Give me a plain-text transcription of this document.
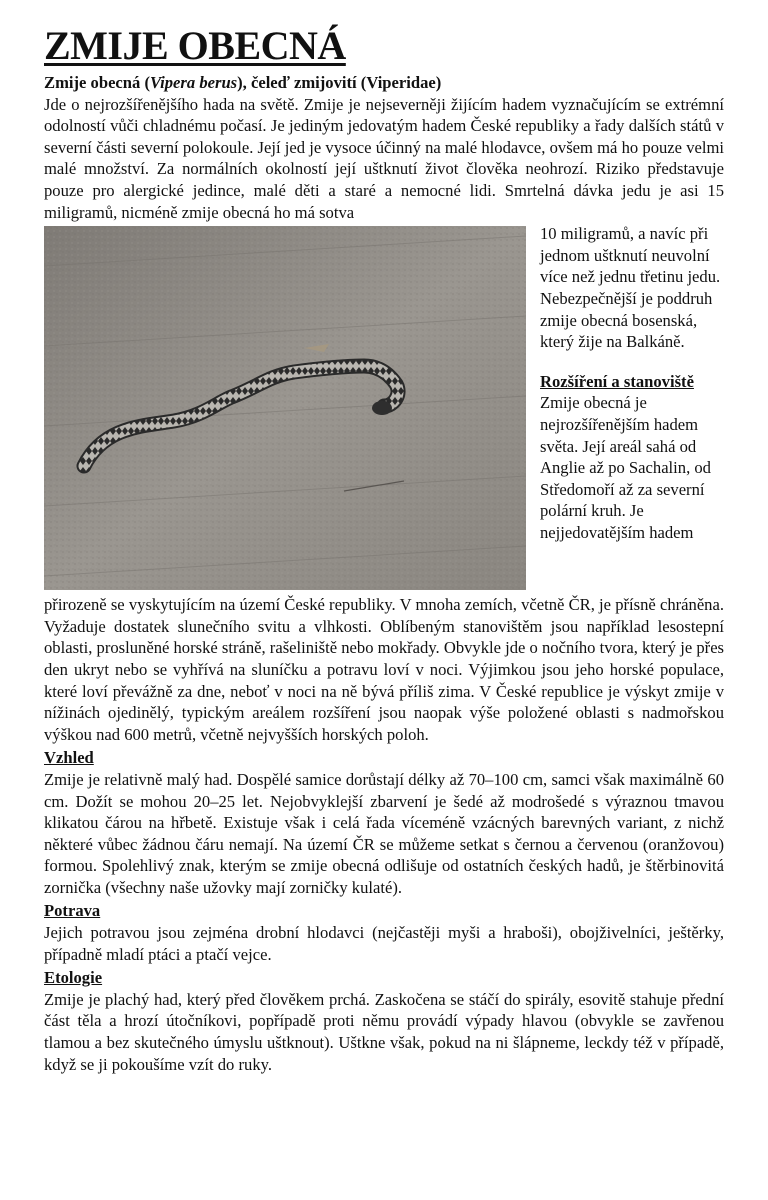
ZMIJE OBECNÁ

Zmije obecná (Vipera berus), čeleď zmijovití (Viperidae)

Jde o nejrozšířenějšího hada na světě. Zmije je nejseverněji žijícím hadem vyznačujícím se extrémní odolností vůči chladnému počasí. Je jediným jedovatým hadem České republiky a řady dalších států v severní části severní polokoule. Její jed je vysoce účinný na malé hlodavce, ovšem má ho pouze velmi malé množství. Za normálních okolností její uštknutí život člověka neohrozí. Riziko představuje pouze pro alergické jedince, malé děti a staré a nemocné lidi. Smrtelná dávka jedu je asi 15 miligramů, nicméně zmije obecná ho má sotva

10 miligramů, a navíc při jednom uštknutí neuvolní více než jednu třetinu jedu. Nebezpečnější je poddruh zmije obecná bosenská, který žije na Balkáně.

Rozšíření a stanoviště

Zmije obecná je nejrozšířenějším hadem světa. Její areál sahá od Anglie až po Sachalin, od Středomoří až za severní polární kruh. Je nejjedovatějším hadem

přirozeně se vyskytujícím na území České republiky. V mnoha zemích, včetně ČR, je přísně chráněna. Vyžaduje dostatek slunečního svitu a vlhkosti. Oblíbeným stanovištěm jsou například lesostepní oblasti, prosluněné horské stráně, rašeliniště nebo mokřady. Obvykle jde o nočního tvora, který je přes den ukryt nebo se vyhřívá na sluníčku a potravu loví v noci. Výjimkou jsou jeho horské populace, které loví převážně za dne, neboť v noci na ně bývá příliš zima. V České republice je výskyt zmije v nížinách ojedinělý, typickým areálem rozšíření jsou naopak výše položené oblasti s nadmořskou výškou nad 600 metrů, včetně nejvyšších horských poloh.

Vzhled

Zmije je relativně malý had. Dospělé samice dorůstají délky až 70–100 cm, samci však maximálně 60 cm. Dožít se mohou 20–25 let. Nejobvyklejší zbarvení je šedé až modrošedé s výraznou tmavou klikatou čárou na hřbetě. Existuje však i celá řada víceméně vzácných barevných variant, z nichž některé vůbec žádnou čáru nemají. Na území ČR se můžeme setkat s černou a červenou (oranžovou) formou. Spolehlivý znak, kterým se zmije obecná odlišuje od ostatních českých hadů, je štěrbinovitá zornička (všechny naše užovky mají zorničky kulaté).

Potrava

Jejich potravou jsou zejména drobní hlodavci (nejčastěji myši a hraboši), obojživelníci, ještěrky, případně mladí ptáci a ptačí vejce.

Etologie

Zmije je plachý had, který před člověkem prchá. Zaskočena se stáčí do spirály, esovitě stahuje přední část těla a hrozí útočníkovi, popřípadě proti němu provádí výpady hlavou (obvykle se zavřenou tlamou a bez skutečného úmyslu uštknout). Uštkne však, pokud na ni šlápneme, leckdy též v případě, když se ji pokoušíme vzít do ruky.
